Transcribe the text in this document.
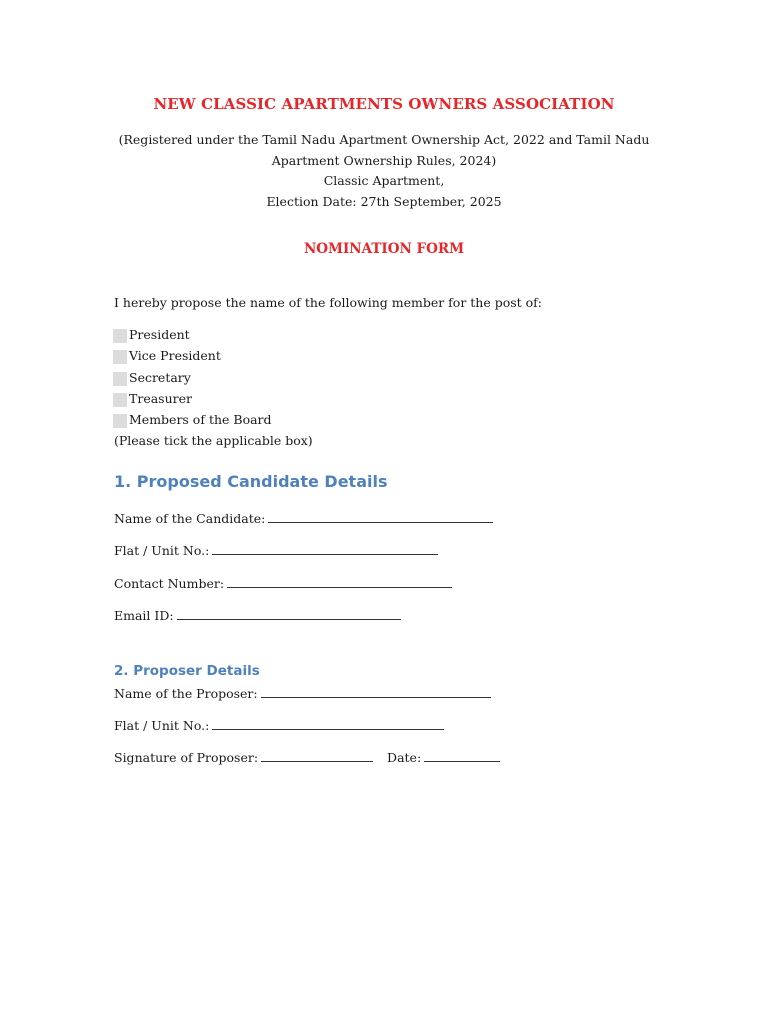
NEW CLASSIC APARTMENTS OWNERS ASSOCIATION
(Registered under the Tamil Nadu Apartment Ownership Act, 2022 and Tamil Nadu
Apartment Ownership Rules, 2024)
Classic Apartment,
Election Date: 27th September, 2025
NOMINATION FORM
I hereby propose the name of the following member for the post of:
President
Vice President
Secretary
Treasurer
Members of the Board
(Please tick the applicable box)
1. Proposed Candidate Details
Name of the Candidate:
Flat / Unit No.:
Contact Number:
Email ID:
2. Proposer Details
Name of the Proposer:
Flat / Unit No.:
Signature of Proposer:	Date:
